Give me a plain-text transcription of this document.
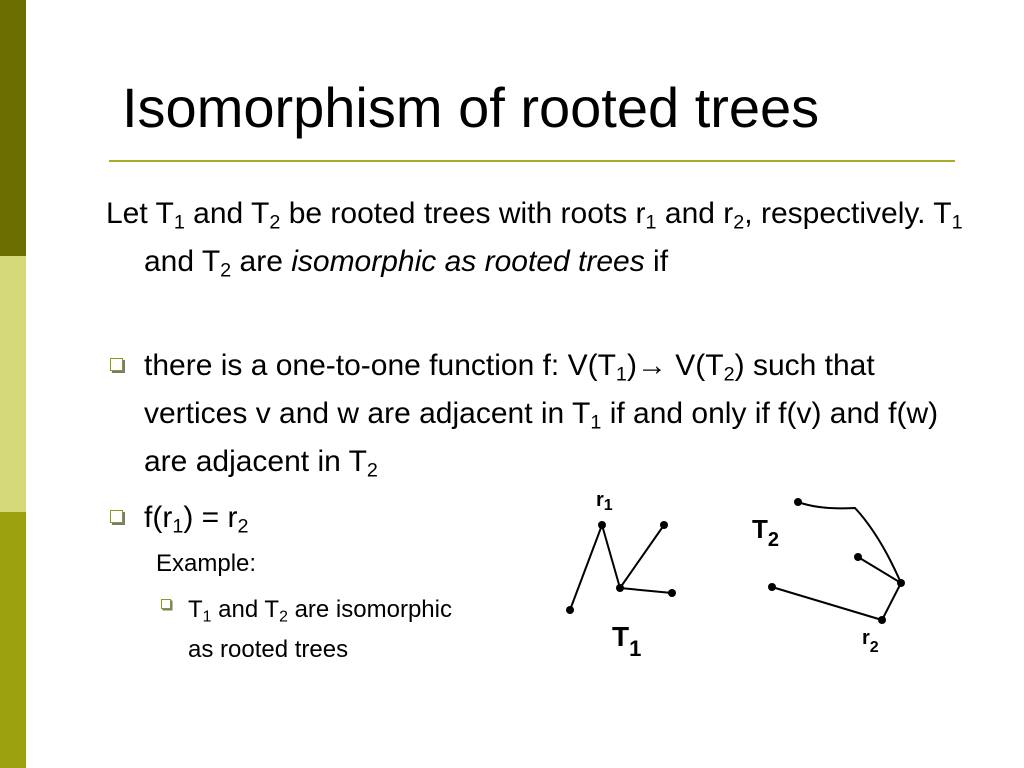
Isomorphism of rooted trees
Let $T_1$ and $T_2$ be rooted trees with roots $r_1$ and $r_2$, respectively. $T_1$ and $T_2$ are isomorphic as rooted trees if
there is a one-to-one function f: $V(T_1)\to V(T_2)$ such that vertices v and w are adjacent in $T_1$ if and only if f(v) and f(w) are adjacent in $T_2$
$f(r_1) = r_2$
Example:
$T_1$ and $T_2$ are isomorphic
as rooted trees
$r_1$
$T_1$
$T_2$
$r_2$
